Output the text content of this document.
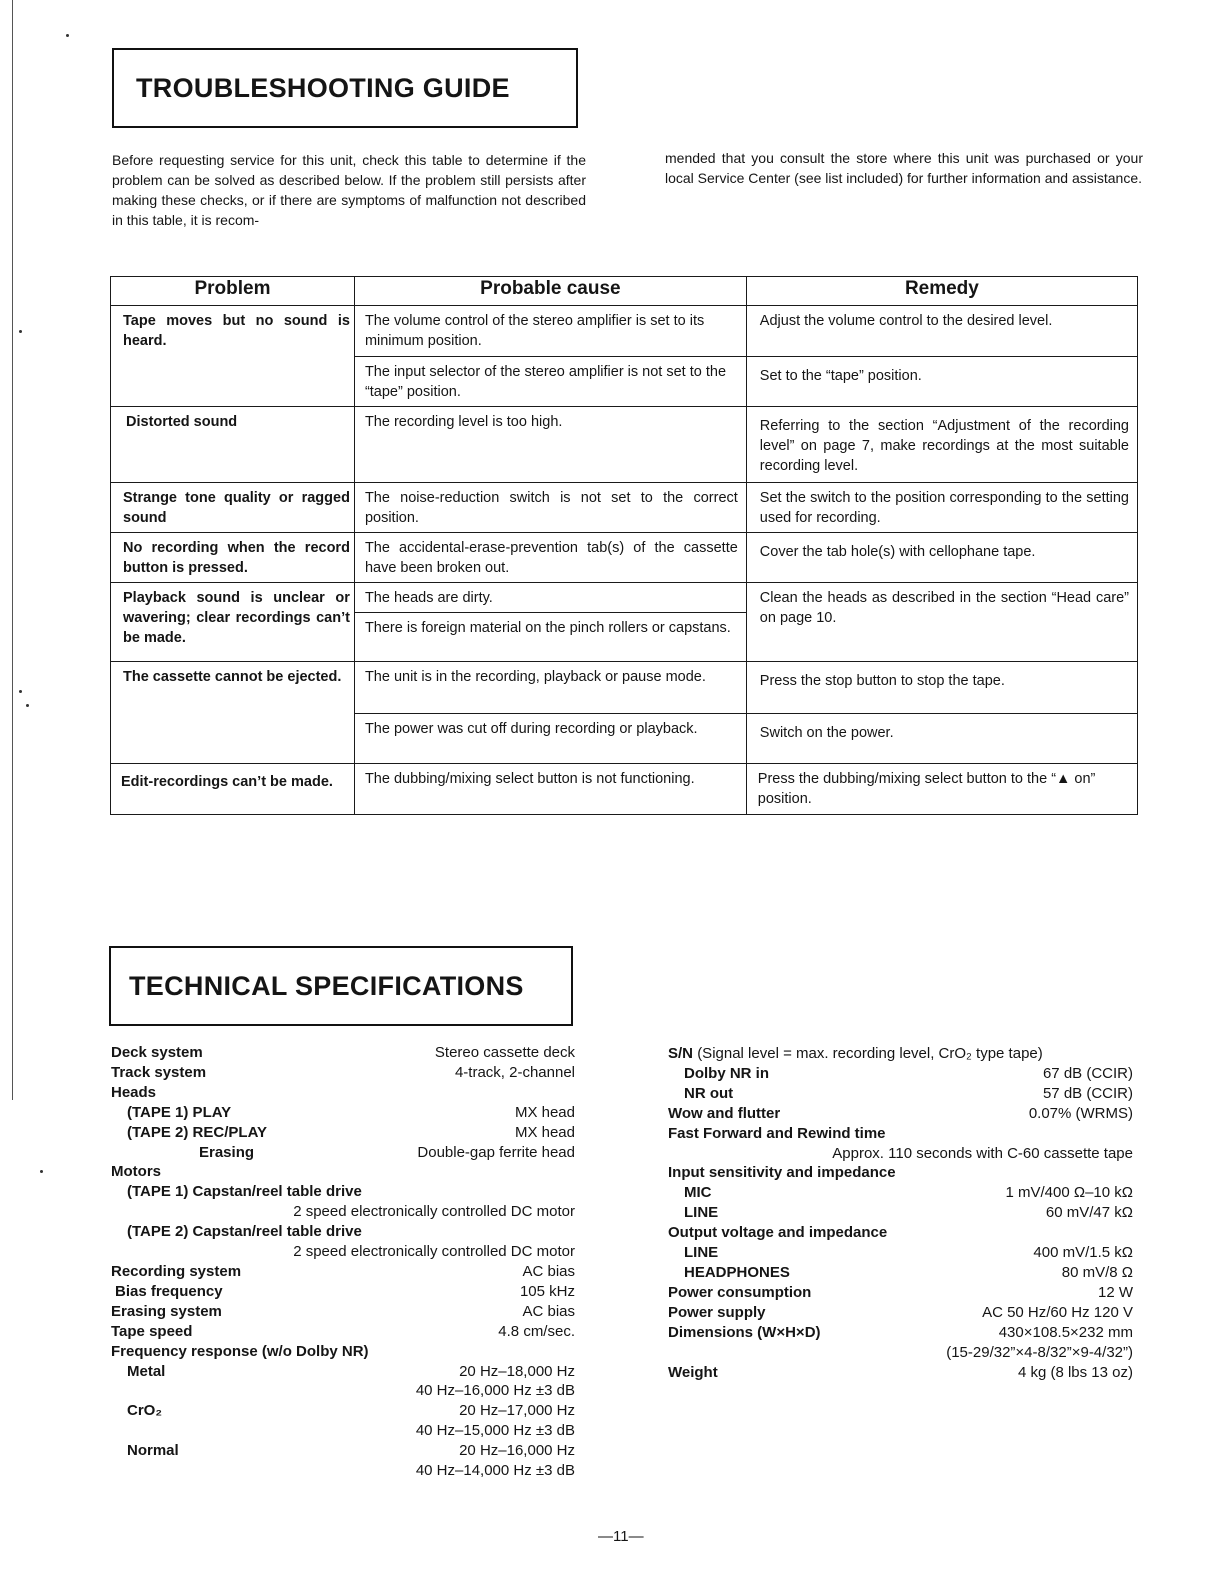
TROUBLESHOOTING GUIDE

Before requesting service for this unit, check this table to determine if the problem can be solved as described below. If the problem still persists after making these checks, or if there are symptoms of malfunction not described in this table, it is recom-

mended that you consult the store where this unit was purchased or your local Service Center (see list included) for further information and assistance.

Problem	Probable cause	Remedy
Tape moves but no sound is heard.	The volume control of the stereo amplifier is set to its minimum position.	Adjust the volume control to the desired level.
	The input selector of the stereo amplifier is not set to the “tape” position.	Set to the “tape” position.
Distorted sound	The recording level is too high.	Referring to the section “Adjustment of the recording level” on page 7, make recordings at the most suitable recording level.
Strange tone quality or ragged sound	The noise-reduction switch is not set to the correct position.	Set the switch to the position corresponding to the setting used for recording.
No recording when the record button is pressed.	The accidental-erase-prevention tab(s) of the cassette have been broken out.	Cover the tab hole(s) with cellophane tape.
Playback sound is unclear or wavering; clear recordings can’t be made.	The heads are dirty.	Clean the heads as described in the section “Head care” on page 10.
	There is foreign material on the pinch rollers or capstans.	
The cassette cannot be ejected.	The unit is in the recording, playback or pause mode.	Press the stop button to stop the tape.
	The power was cut off during recording or playback.	Switch on the power.
Edit-recordings can’t be made.	The dubbing/mixing select button is not functioning.	Press the dubbing/mixing select button to the “▲ on” position.
TECHNICAL SPECIFICATIONS
Deck system	Stereo cassette deck
Track system	4-track, 2-channel
Heads
(TAPE 1) PLAY	MX head
(TAPE 2) REC/PLAY	MX head
Erasing	Double-gap ferrite head
Motors
(TAPE 1) Capstan/reel table drive
2 speed electronically controlled DC motor
(TAPE 2) Capstan/reel table drive
2 speed electronically controlled DC motor
Recording system	AC bias
Bias frequency	105 kHz
Erasing system	AC bias
Tape speed	4.8 cm/sec.
Frequency response (w/o Dolby NR)
Metal	20 Hz–18,000 Hz
40 Hz–16,000 Hz ±3 dB
CrO₂	20 Hz–17,000 Hz
40 Hz–15,000 Hz ±3 dB
Normal	20 Hz–16,000 Hz
40 Hz–14,000 Hz ±3 dB
S/N (Signal level = max. recording level, CrO₂ type tape)
Dolby NR in	67 dB (CCIR)
NR out	57 dB (CCIR)
Wow and flutter	0.07% (WRMS)
Fast Forward and Rewind time
Approx. 110 seconds with C-60 cassette tape
Input sensitivity and impedance
MIC	1 mV/400 Ω–10 kΩ
LINE	60 mV/47 kΩ
Output voltage and impedance
LINE	400 mV/1.5 kΩ
HEADPHONES	80 mV/8 Ω
Power consumption	12 W
Power supply	AC 50 Hz/60 Hz 120 V
Dimensions (W×H×D)	430×108.5×232 mm
(15-29/32”×4-8/32”×9-4/32”)
Weight	4 kg (8 lbs 13 oz)
—11—
